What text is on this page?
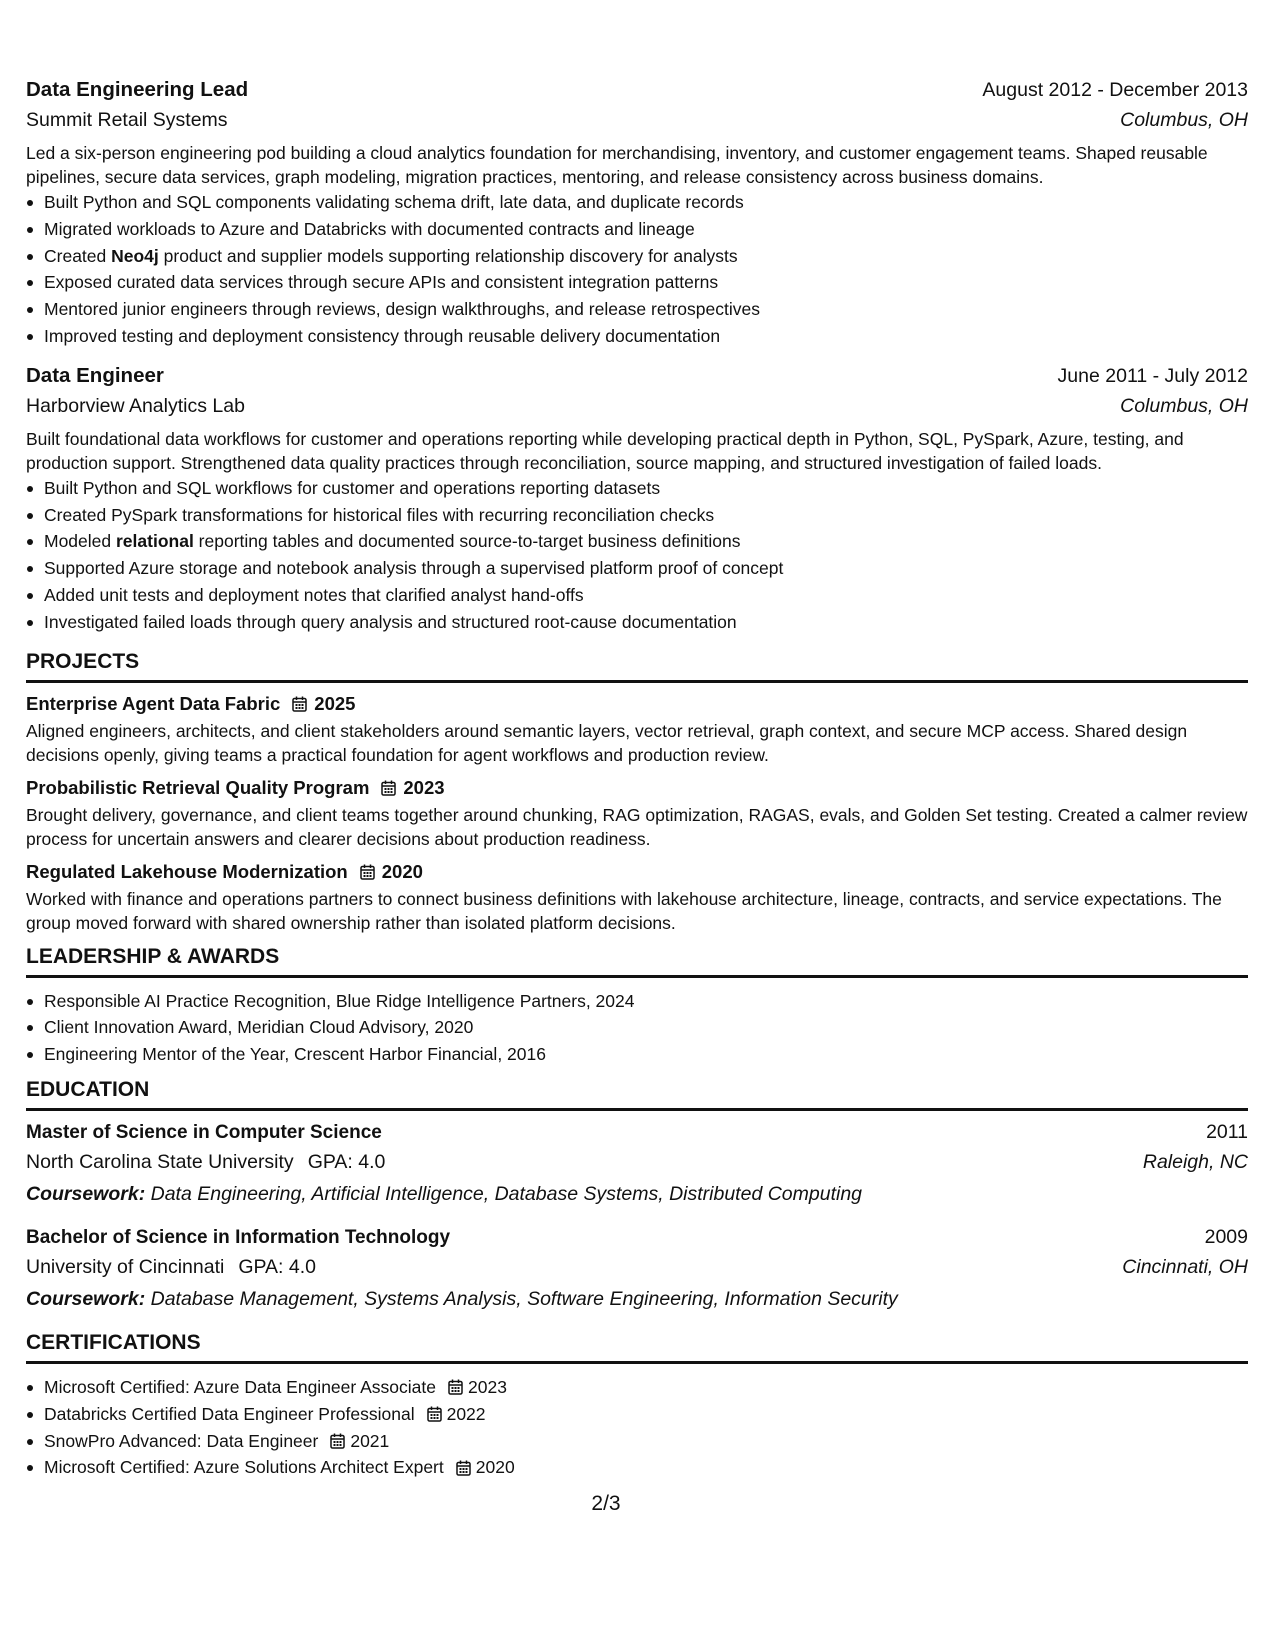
Data Engineering Lead	August 2012 - December 2013
Summit Retail Systems	Columbus, OH
Led a six-person engineering pod building a cloud analytics foundation for merchandising, inventory, and customer engagement teams. Shaped reusable pipelines, secure data services, graph modeling, migration practices, mentoring, and release consistency across business domains.
Built Python and SQL components validating schema drift, late data, and duplicate records
Migrated workloads to Azure and Databricks with documented contracts and lineage
Created Neo4j product and supplier models supporting relationship discovery for analysts
Exposed curated data services through secure APIs and consistent integration patterns
Mentored junior engineers through reviews, design walkthroughs, and release retrospectives
Improved testing and deployment consistency through reusable delivery documentation
Data Engineer	June 2011 - July 2012
Harborview Analytics Lab	Columbus, OH
Built foundational data workflows for customer and operations reporting while developing practical depth in Python, SQL, PySpark, Azure, testing, and production support. Strengthened data quality practices through reconciliation, source mapping, and structured investigation of failed loads.
Built Python and SQL workflows for customer and operations reporting datasets
Created PySpark transformations for historical files with recurring reconciliation checks
Modeled relational reporting tables and documented source-to-target business definitions
Supported Azure storage and notebook analysis through a supervised platform proof of concept
Added unit tests and deployment notes that clarified analyst hand-offs
Investigated failed loads through query analysis and structured root-cause documentation
PROJECTS
Enterprise Agent Data Fabric 2025
Aligned engineers, architects, and client stakeholders around semantic layers, vector retrieval, graph context, and secure MCP access. Shared design decisions openly, giving teams a practical foundation for agent workflows and production review.
Probabilistic Retrieval Quality Program 2023
Brought delivery, governance, and client teams together around chunking, RAG optimization, RAGAS, evals, and Golden Set testing. Created a calmer review process for uncertain answers and clearer decisions about production readiness.
Regulated Lakehouse Modernization 2020
Worked with finance and operations partners to connect business definitions with lakehouse architecture, lineage, contracts, and service expectations. The group moved forward with shared ownership rather than isolated platform decisions.
LEADERSHIP & AWARDS
Responsible AI Practice Recognition, Blue Ridge Intelligence Partners, 2024
Client Innovation Award, Meridian Cloud Advisory, 2020
Engineering Mentor of the Year, Crescent Harbor Financial, 2016
EDUCATION
Master of Science in Computer Science	2011
North Carolina State University GPA: 4.0	Raleigh, NC
Coursework: Data Engineering, Artificial Intelligence, Database Systems, Distributed Computing
Bachelor of Science in Information Technology	2009
University of Cincinnati GPA: 4.0	Cincinnati, OH
Coursework: Database Management, Systems Analysis, Software Engineering, Information Security
CERTIFICATIONS
Microsoft Certified: Azure Data Engineer Associate 2023
Databricks Certified Data Engineer Professional 2022
SnowPro Advanced: Data Engineer 2021
Microsoft Certified: Azure Solutions Architect Expert 2020
2/3
